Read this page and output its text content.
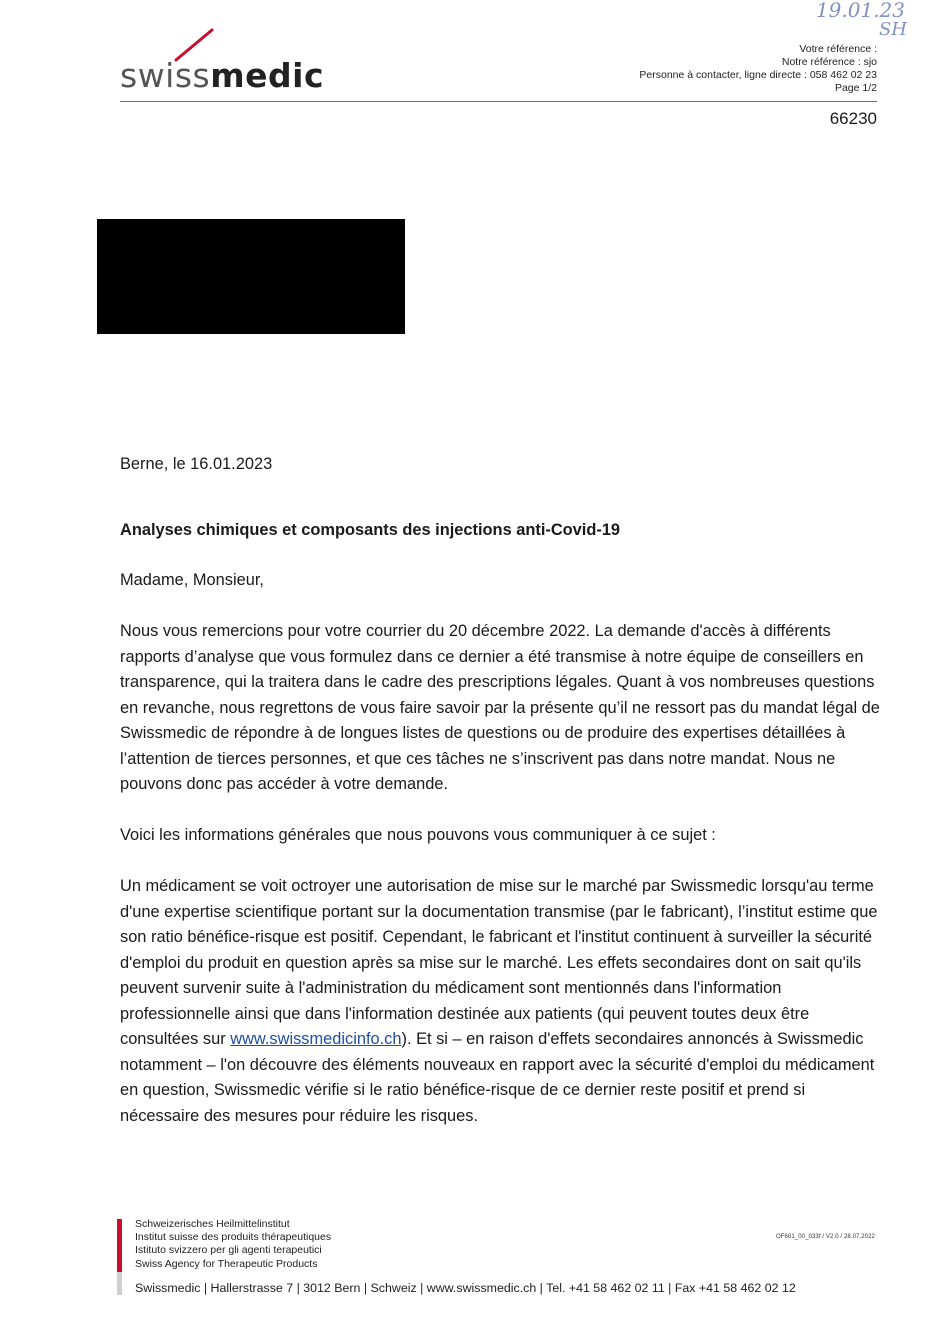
swissmedic
19.01.23
SH
Votre référence :
Notre référence : sjo
Personne à contacter, ligne directe : 058 462 02 23
Page 1/2
66230

Berne, le 16.01.2023

Analyses chimiques et composants des injections anti-Covid-19

Madame, Monsieur,

Nous vous remercions pour votre courrier du 20 décembre 2022. La demande d'accès à différents rapports d’analyse que vous formulez dans ce dernier a été transmise à notre équipe de conseillers en transparence, qui la traitera dans le cadre des prescriptions légales. Quant à vos nombreuses questions en revanche, nous regrettons de vous faire savoir par la présente qu’il ne ressort pas du mandat légal de Swissmedic de répondre à de longues listes de questions ou de produire des expertises détaillées à l’attention de tierces personnes, et que ces tâches ne s’inscrivent pas dans notre mandat. Nous ne pouvons donc pas accéder à votre demande.

Voici les informations générales que nous pouvons vous communiquer à ce sujet :

Un médicament se voit octroyer une autorisation de mise sur le marché par Swissmedic lorsqu'au terme d'une expertise scientifique portant sur la documentation transmise (par le fabricant), l’institut estime que son ratio bénéfice-risque est positif. Cependant, le fabricant et l'institut continuent à surveiller la sécurité d'emploi du produit en question après sa mise sur le marché. Les effets secondaires dont on sait qu'ils peuvent survenir suite à l'administration du médicament sont mentionnés dans l'information professionnelle ainsi que dans l'information destinée aux patients (qui peuvent toutes deux être consultées sur www.swissmedicinfo.ch). Et si – en raison d'effets secondaires annoncés à Swissmedic notamment – l'on découvre des éléments nouveaux en rapport avec la sécurité d'emploi du médicament en question, Swissmedic vérifie si le ratio bénéfice-risque de ce dernier reste positif et prend si nécessaire des mesures pour réduire les risques.

Schweizerisches Heilmittelinstitut
Institut suisse des produits thérapeutiques
Istituto svizzero per gli agenti terapeutici
Swiss Agency for Therapeutic Products
OF601_00_033f / V2.0 / 28.07.2022
Swissmedic | Hallerstrasse 7 | 3012 Bern | Schweiz | www.swissmedic.ch | Tel. +41 58 462 02 11 | Fax +41 58 462 02 12
